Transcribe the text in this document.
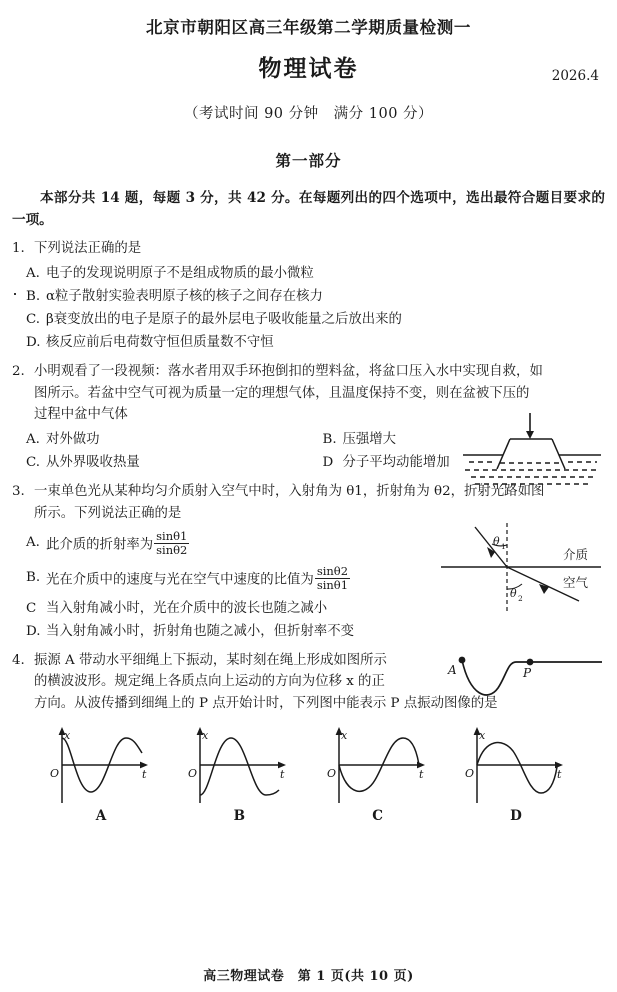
北京市朝阳区高三年级第二学期质量检测一
物理试卷	2026.4
（考试时间 90 分钟　满分 100 分）
第一部分
本部分共 14 题，每题 3 分，共 42 分。在每题列出的四个选项中，选出最符合题目要求的一项。
1. 下列说法正确的是
A. 电子的发现说明原子不是组成物质的最小微粒
B. α粒子散射实验表明原子核的核子之间存在核力
C. β衰变放出的电子是原子的最外层电子吸收能量之后放出来的
D. 核反应前后电荷数守恒但质量数不守恒
2. 小明观看了一段视频：落水者用双手环抱倒扣的塑料盆，将盆口压入水中实现自救，如
图所示。若盆中空气可视为质量一定的理想气体，且温度保持不变，则在盆被下压的
过程中盆中气体
A. 对外做功	B. 压强增大
C. 从外界吸收热量	D 分子平均动能增加
3. 一束单色光从某种均匀介质射入空气中时，入射角为 θ1，折射角为 θ2，折射光路如图
所示。下列说法正确的是
A. 此介质的折射率为 $\frac{\sin\theta 1}{\sin\theta 2}$
B. 光在介质中的速度与光在空气中速度的比值为 $\frac{\sin\theta 2}{\sin\theta 1}$
C 当入射角减小时，光在介质中的波长也随之减小
D. 当入射角减小时，折射角也随之减小，但折射率不变
θ 1
θ 2
介质
空气
4. 振源 A 带动水平细绳上下振动，某时刻在绳上形成如图所示
的横波波形。规定绳上各质点向上运动的方向为位移 x 的正
方向。从波传播到细绳上的 P 点开始计时，下列图中能表示 P 点振动图像的是
A	P
x
O	t
A
x
O	t
B
x
O	t
C
x
O	t
D
高三物理试卷　第 1 页(共 10 页)
